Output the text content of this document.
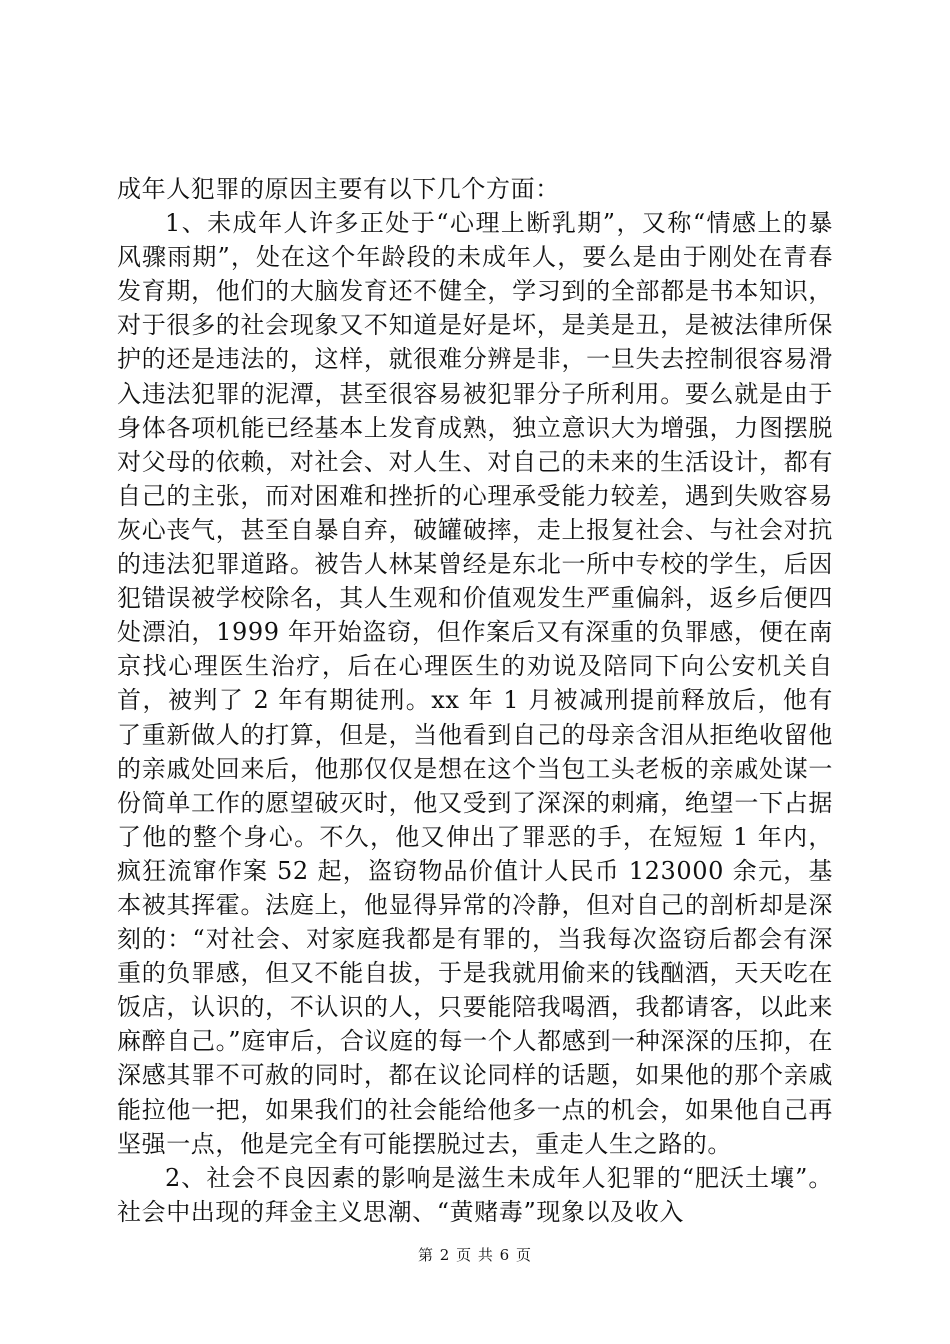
成年人犯罪的原因主要有以下几个方面：

1、未成年人许多正处于“心理上断乳期”，又称“情感上的暴风骤雨期”，处在这个年龄段的未成年人，要么是由于刚处在青春发育期，他们的大脑发育还不健全，学习到的全部都是书本知识，对于很多的社会现象又不知道是好是坏，是美是丑，是被法律所保护的还是违法的，这样，就很难分辨是非，一旦失去控制很容易滑入违法犯罪的泥潭，甚至很容易被犯罪分子所利用。要么就是由于身体各项机能已经基本上发育成熟，独立意识大为增强，力图摆脱对父母的依赖，对社会、对人生、对自己的未来的生活设计，都有自己的主张，而对困难和挫折的心理承受能力较差，遇到失败容易灰心丧气，甚至自暴自弃，破罐破摔，走上报复社会、与社会对抗的违法犯罪道路。被告人林某曾经是东北一所中专校的学生，后因犯错误被学校除名，其人生观和价值观发生严重偏斜，返乡后便四处漂泊，1999 年开始盗窃，但作案后又有深重的负罪感，便在南京找心理医生治疗，后在心理医生的劝说及陪同下向公安机关自首，被判了 2 年有期徒刑。xx 年 1 月被减刑提前释放后，他有了重新做人的打算，但是，当他看到自己的母亲含泪从拒绝收留他的亲戚处回来后，他那仅仅是想在这个当包工头老板的亲戚处谋一份简单工作的愿望破灭时，他又受到了深深的刺痛，绝望一下占据了他的整个身心。不久，他又伸出了罪恶的手，在短短 1 年内，疯狂流窜作案 52 起，盗窃物品价值计人民币 123000 余元，基本被其挥霍。法庭上，他显得异常的冷静，但对自己的剖析却是深刻的：“对社会、对家庭我都是有罪的，当我每次盗窃后都会有深重的负罪感，但又不能自拔，于是我就用偷来的钱酗酒，天天吃在饭店，认识的，不认识的人，只要能陪我喝酒，我都请客，以此来麻醉自己。”庭审后，合议庭的每一个人都感到一种深深的压抑，在深感其罪不可赦的同时，都在议论同样的话题，如果他的那个亲戚能拉他一把，如果我们的社会能给他多一点的机会，如果他自己再坚强一点，他是完全有可能摆脱过去，重走人生之路的。

2、社会不良因素的影响是滋生未成年人犯罪的“肥沃土壤”。社会中出现的拜金主义思潮、“黄赌毒”现象以及收入

第 2 页 共 6 页
